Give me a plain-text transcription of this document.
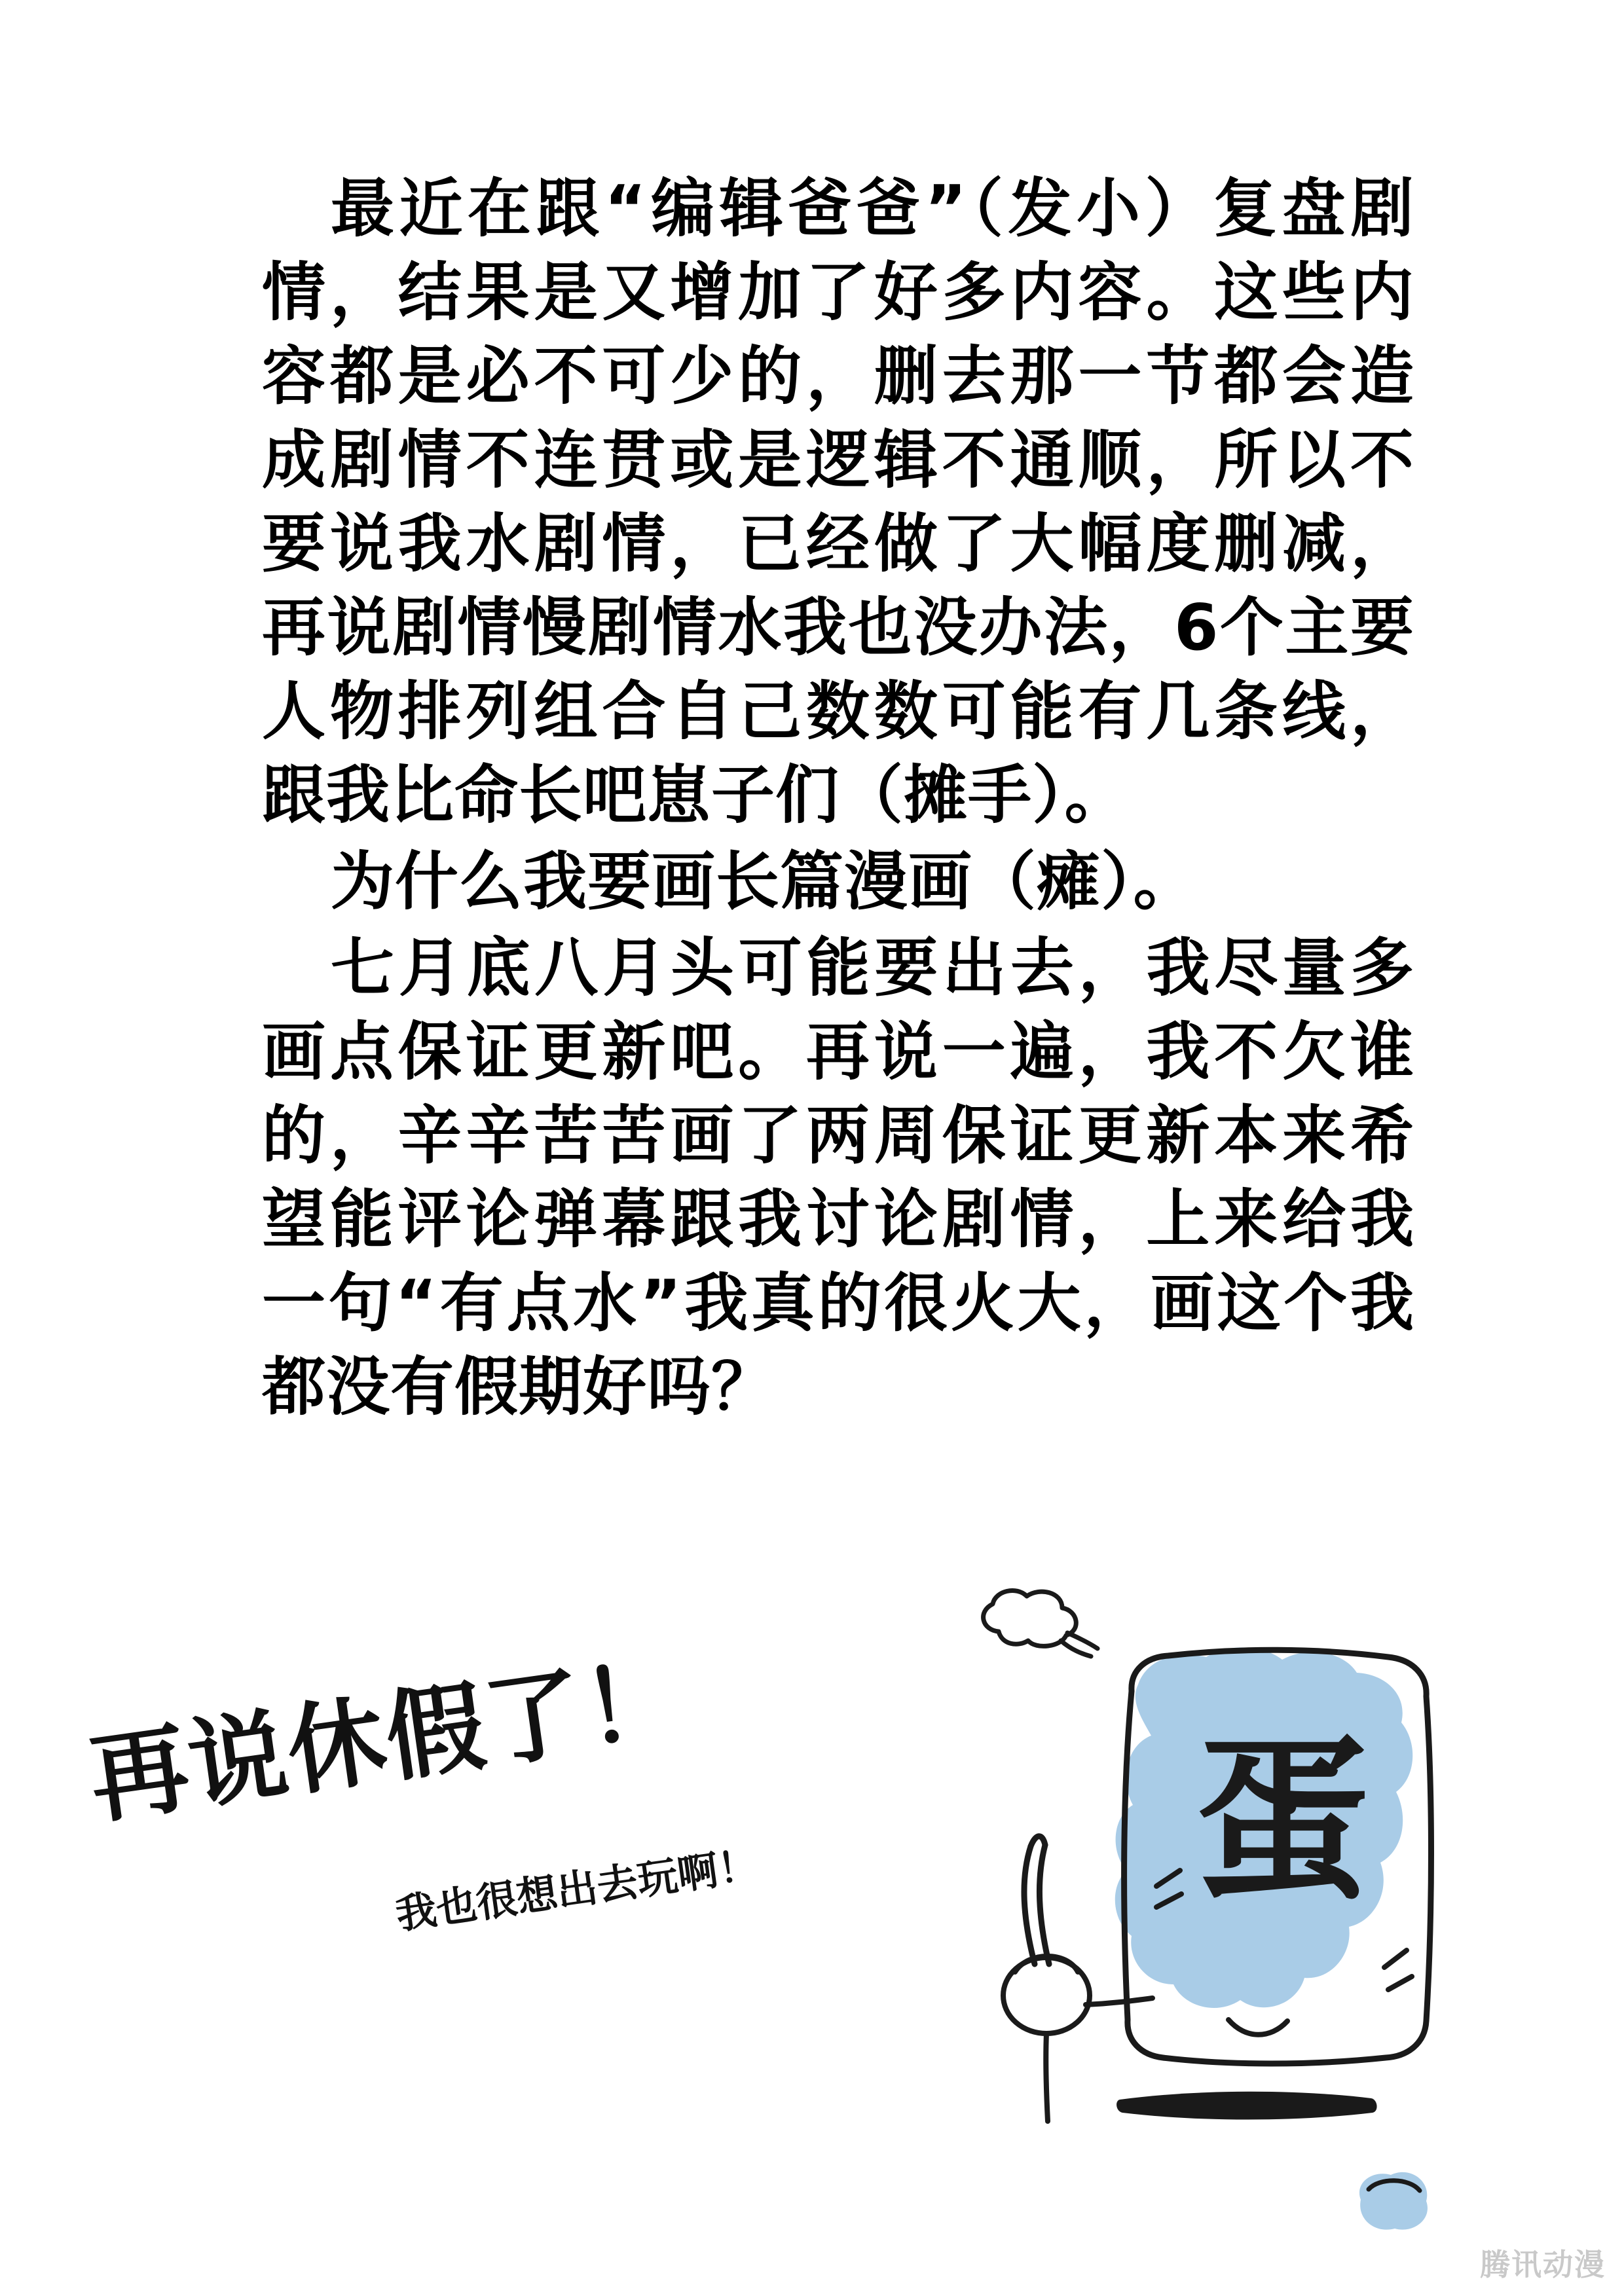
最近在跟“编辑爸爸”（发小）复盘剧情，结果是又增加了好多内容。这些内容都是必不可少的，删去那一节都会造成剧情不连贯或是逻辑不通顺，所以不要说我水剧情，已经做了大幅度删减，再说剧情慢剧情水我也没办法，6个主要人物排列组合自己数数可能有几条线，跟我比命长吧崽子们（摊手）。

为什么我要画长篇漫画（瘫）。

七月底八月头可能要出去，我尽量多画点保证更新吧。再说一遍，我不欠谁的，辛辛苦苦画了两周保证更新本来希望能评论弹幕跟我讨论剧情，上来给我一句“有点水”我真的很火大，画这个我都没有假期好吗？

再说休假了！
我也很想出去玩啊！ 蛋
腾讯动漫
